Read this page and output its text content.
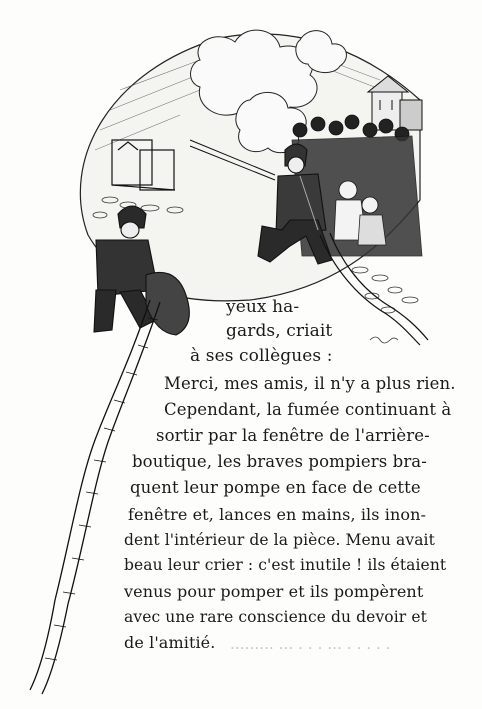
yeux ha-
gards, criait
à ses collègues :
Merci, mes amis, il n'y a plus rien.
Cependant, la fumée continuant à
sortir par la fenêtre de l'arrière-
boutique, les braves pompiers bra-
quent leur pompe en face de cette
fenêtre et, lances en mains, ils inon-
dent l'intérieur de la pièce. Menu avait
beau leur crier : c'est inutile ! ils étaient
venus pour pomper et ils pompèrent
avec une rare conscience du devoir et
de l'amitié. ......... ... . . . ... . . . . .
